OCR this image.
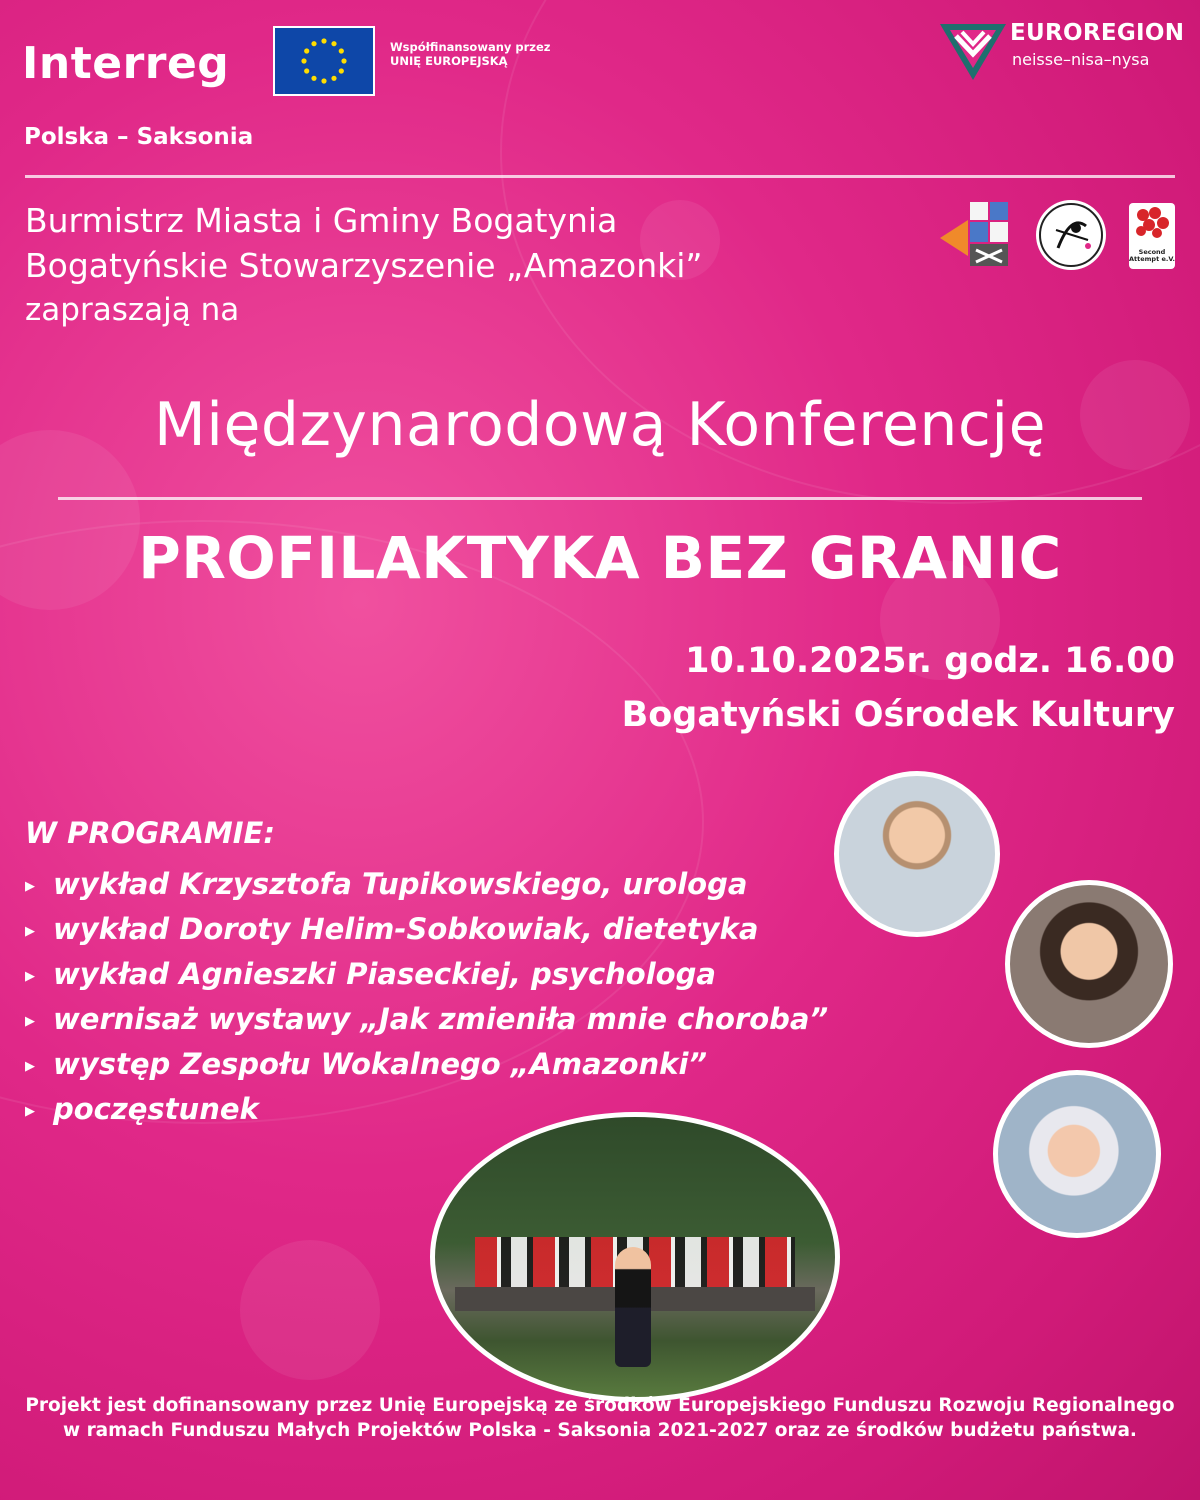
Interreg	Współfinansowany przez
UNIĘ EUROPEJSKĄ
Polska – Saksonia
EUROREGION
neisse–nisa–nysa
Burmistrz Miasta i Gminy Bogatynia
Bogatyńskie Stowarzyszenie „Amazonki”
zapraszają na
Second Attempt e.V.
Międzynarodową Konferencję
PROFILAKTYKA BEZ GRANIC
10.10.2025r. godz. 16.00
Bogatyński Ośrodek Kultury
W PROGRAMIE:
▶ wykład Krzysztofa Tupikowskiego, urologa
▶ wykład Doroty Helim-Sobkowiak, dietetyka
▶ wykład Agnieszki Piaseckiej, psychologa
▶ wernisaż wystawy „Jak zmieniła mnie choroba”
▶ występ Zespołu Wokalnego „Amazonki”
▶ poczęstunek
Projekt jest dofinansowany przez Unię Europejską ze środków Europejskiego Funduszu Rozwoju Regionalnego
w ramach Funduszu Małych Projektów Polska - Saksonia 2021-2027 oraz ze środków budżetu państwa.
